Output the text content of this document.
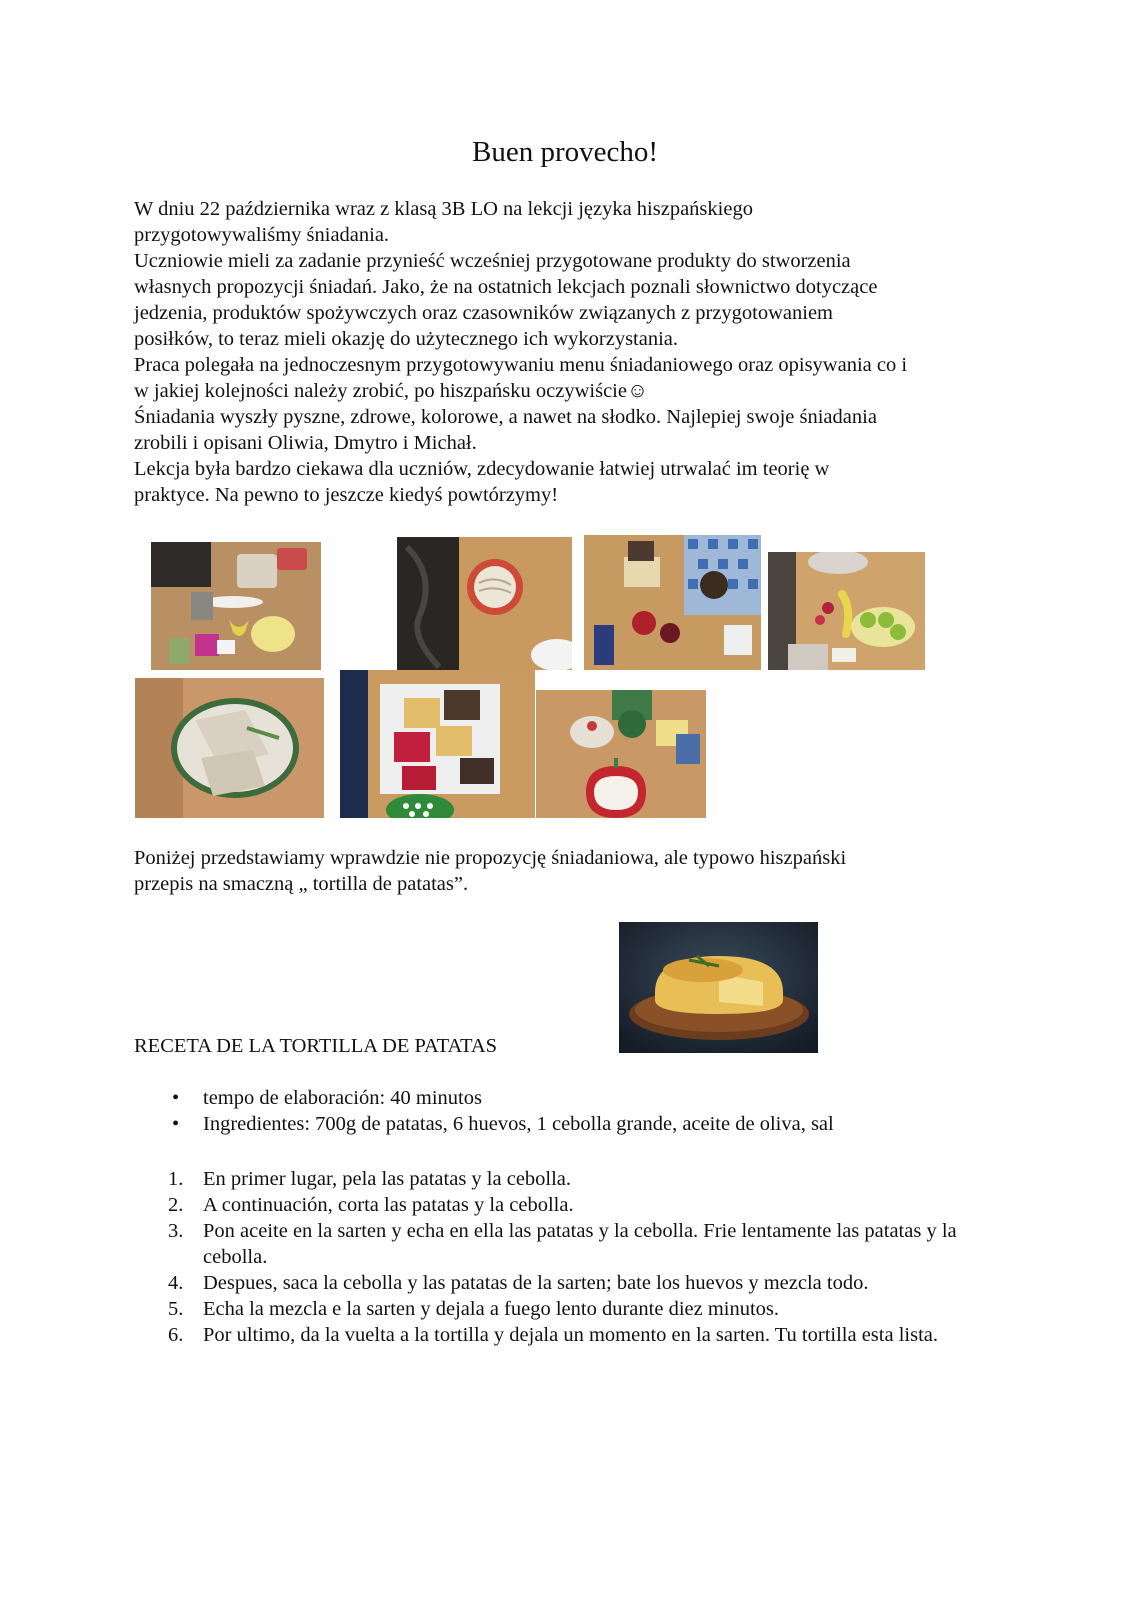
Buen provecho!

W dniu 22 października wraz z klasą 3B LO na lekcji języka hiszpańskiego

przygotowywaliśmy śniadania.

Uczniowie mieli za zadanie przynieść wcześniej przygotowane produkty do stworzenia

własnych propozycji śniadań. Jako, że na ostatnich lekcjach poznali słownictwo dotyczące

jedzenia, produktów spożywczych oraz czasowników związanych z przygotowaniem

posiłków, to teraz mieli okazję do użytecznego ich wykorzystania.

Praca polegała na jednoczesnym przygotowywaniu menu śniadaniowego oraz opisywania co i

w jakiej kolejności należy zrobić, po hiszpańsku oczywiście☺

Śniadania wyszły pyszne, zdrowe, kolorowe, a nawet na słodko. Najlepiej swoje śniadania

zrobili i opisani Oliwia, Dmytro i Michał.

Lekcja była bardzo ciekawa dla uczniów, zdecydowanie łatwiej utrwalać im teorię w

praktyce. Na pewno to jeszcze kiedyś powtórzymy!

Poniżej przedstawiamy wprawdzie nie propozycję śniadaniowa, ale typowo hiszpański

przepis na smaczną „ tortilla de patatas”.

RECETA DE LA TORTILLA DE PATATAS
• tempo de elaboración: 40 minutos
• Ingredientes: 700g de patatas, 6 huevos, 1 cebolla grande, aceite de oliva, sal
1. En primer lugar, pela las patatas y la cebolla.
2. A continuación, corta las patatas y la cebolla.
3. Pon aceite en la sarten y echa en ella las patatas y la cebolla. Frie lentamente las patatas y la cebolla.
4. Despues, saca la cebolla y las patatas de la sarten; bate los huevos y mezcla todo.
5. Echa la mezcla e la sarten y dejala a fuego lento durante diez minutos.
6. Por ultimo, da la vuelta a la tortilla y dejala un momento en la sarten. Tu tortilla esta lista.
